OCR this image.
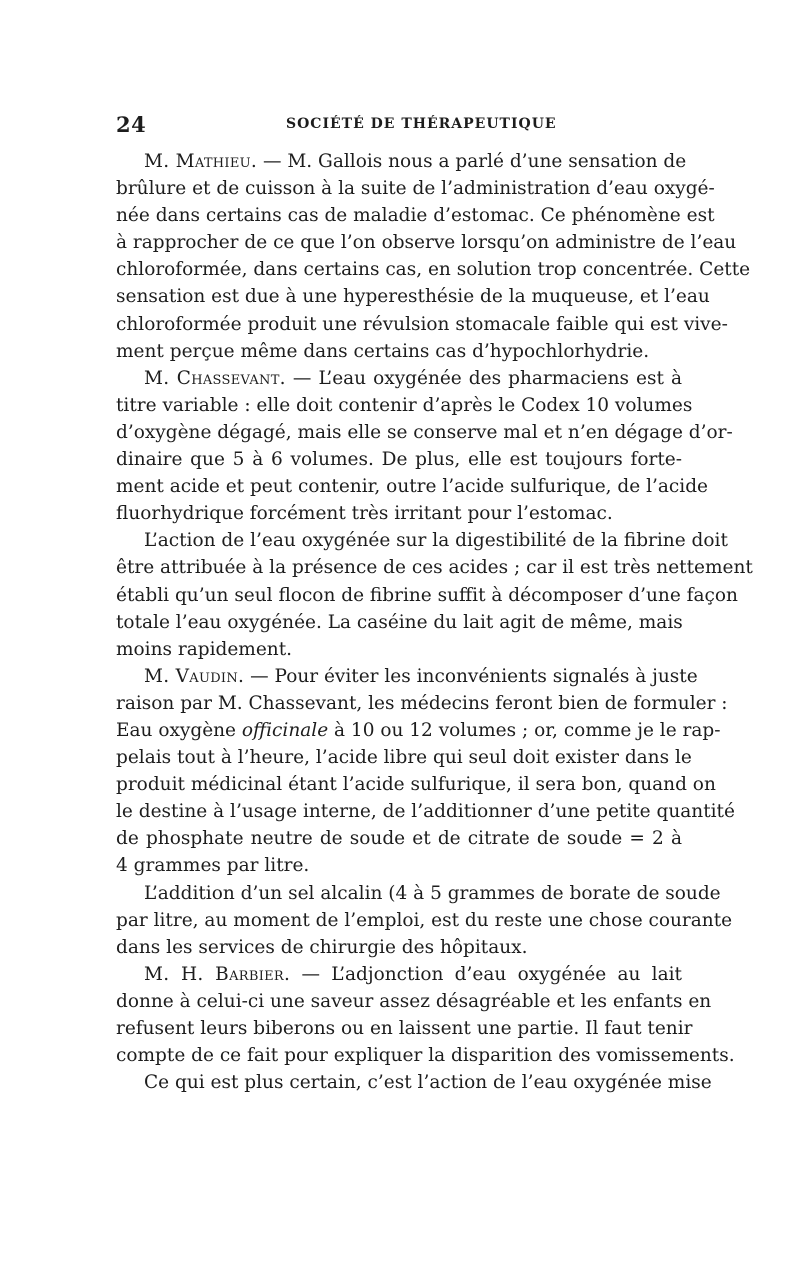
24	SOCIÉTÉ DE THÉRAPEUTIQUE
M. Mathieu. — M. Gallois nous a parlé d’une sensation de
brûlure et de cuisson à la suite de l’administration d’eau oxygé-
née dans certains cas de maladie d’estomac. Ce phénomène est
à rapprocher de ce que l’on observe lorsqu’on administre de l’eau
chloroformée, dans certains cas, en solution trop concentrée. Cette
sensation est due à une hyperesthésie de la muqueuse, et l’eau
chloroformée produit une révulsion stomacale faible qui est vive-
ment perçue même dans certains cas d’hypochlorhydrie.
M. Chassevant. — L’eau oxygénée des pharmaciens est à
titre variable : elle doit contenir d’après le Codex 10 volumes
d’oxygène dégagé, mais elle se conserve mal et n’en dégage d’or-
dinaire que 5 à 6 volumes. De plus, elle est toujours forte-
ment acide et peut contenir, outre l’acide sulfurique, de l’acide
fluorhydrique forcément très irritant pour l’estomac.
L’action de l’eau oxygénée sur la digestibilité de la fibrine doit
être attribuée à la présence de ces acides ; car il est très nettement
établi qu’un seul flocon de fibrine suffit à décomposer d’une façon
totale l’eau oxygénée. La caséine du lait agit de même, mais
moins rapidement.
M. Vaudin. — Pour éviter les inconvénients signalés à juste
raison par M. Chassevant, les médecins feront bien de formuler :
Eau oxygène officinale à 10 ou 12 volumes ; or, comme je le rap-
pelais tout à l’heure, l’acide libre qui seul doit exister dans le
produit médicinal étant l’acide sulfurique, il sera bon, quand on
le destine à l’usage interne, de l’additionner d’une petite quantité
de phosphate neutre de soude et de citrate de soude = 2 à
4 grammes par litre.
L’addition d’un sel alcalin (4 à 5 grammes de borate de soude
par litre, au moment de l’emploi, est du reste une chose courante
dans les services de chirurgie des hôpitaux.
M. H. Barbier. — L’adjonction d’eau oxygénée au lait
donne à celui-ci une saveur assez désagréable et les enfants en
refusent leurs biberons ou en laissent une partie. Il faut tenir
compte de ce fait pour expliquer la disparition des vomissements.
Ce qui est plus certain, c’est l’action de l’eau oxygénée mise
